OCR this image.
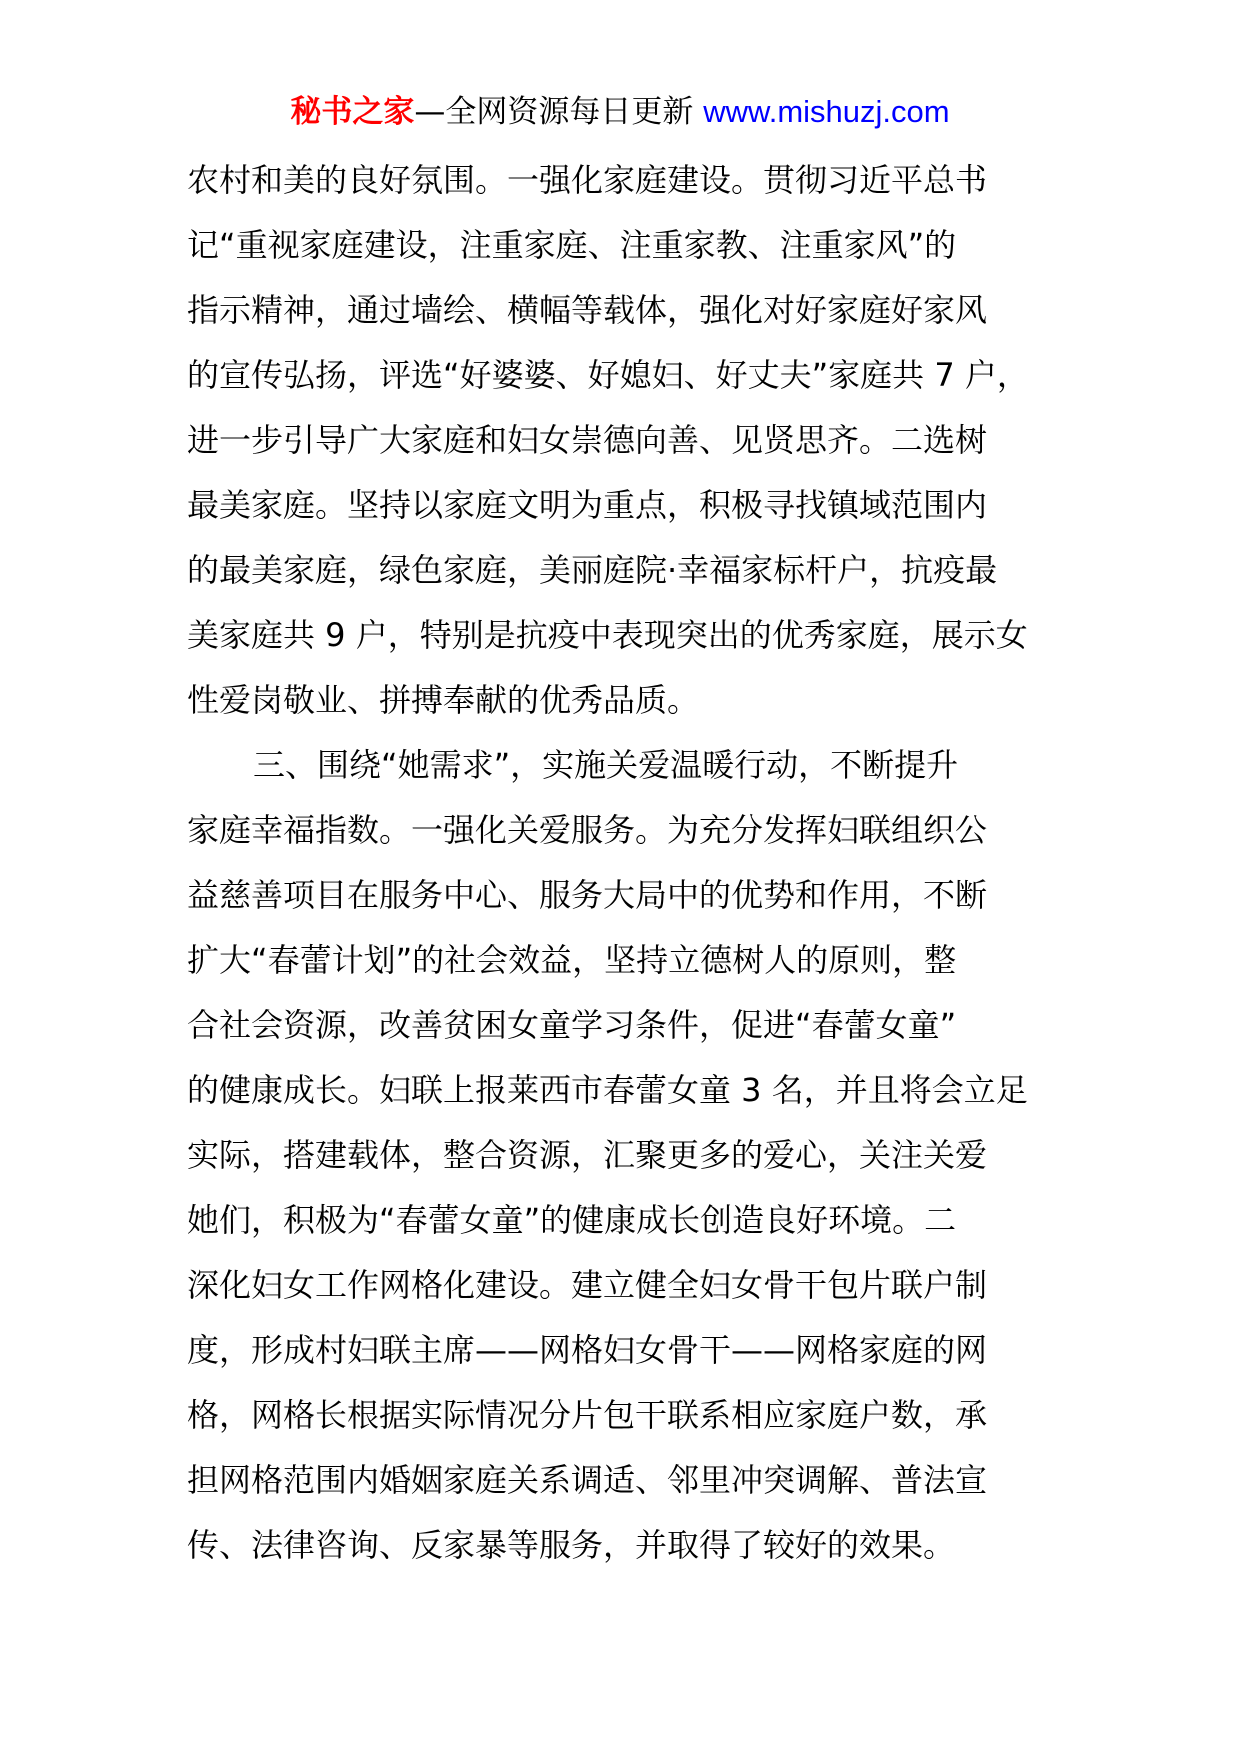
秘书之家—全网资源每日更新 www.mishuzj.com
农村和美的良好氛围。一强化家庭建设。贯彻习近平总书
记“重视家庭建设，注重家庭、注重家教、注重家风”的
指示精神，通过墙绘、横幅等载体，强化对好家庭好家风
的宣传弘扬，评选“好婆婆、好媳妇、好丈夫”家庭共 7 户，
进一步引导广大家庭和妇女崇德向善、见贤思齐。二选树
最美家庭。坚持以家庭文明为重点，积极寻找镇域范围内
的最美家庭，绿色家庭，美丽庭院·幸福家标杆户，抗疫最
美家庭共 9 户，特别是抗疫中表现突出的优秀家庭，展示女
性爱岗敬业、拼搏奉献的优秀品质。
三、围绕“她需求”，实施关爱温暖行动，不断提升
家庭幸福指数。一强化关爱服务。为充分发挥妇联组织公
益慈善项目在服务中心、服务大局中的优势和作用，不断
扩大“春蕾计划”的社会效益，坚持立德树人的原则，整
合社会资源，改善贫困女童学习条件，促进“春蕾女童”
的健康成长。妇联上报莱西市春蕾女童 3 名，并且将会立足
实际，搭建载体，整合资源，汇聚更多的爱心，关注关爱
她们，积极为“春蕾女童”的健康成长创造良好环境。二
深化妇女工作网格化建设。建立健全妇女骨干包片联户制
度，形成村妇联主席——网格妇女骨干——网格家庭的网
格，网格长根据实际情况分片包干联系相应家庭户数，承
担网格范围内婚姻家庭关系调适、邻里冲突调解、普法宣
传、法律咨询、反家暴等服务，并取得了较好的效果。
